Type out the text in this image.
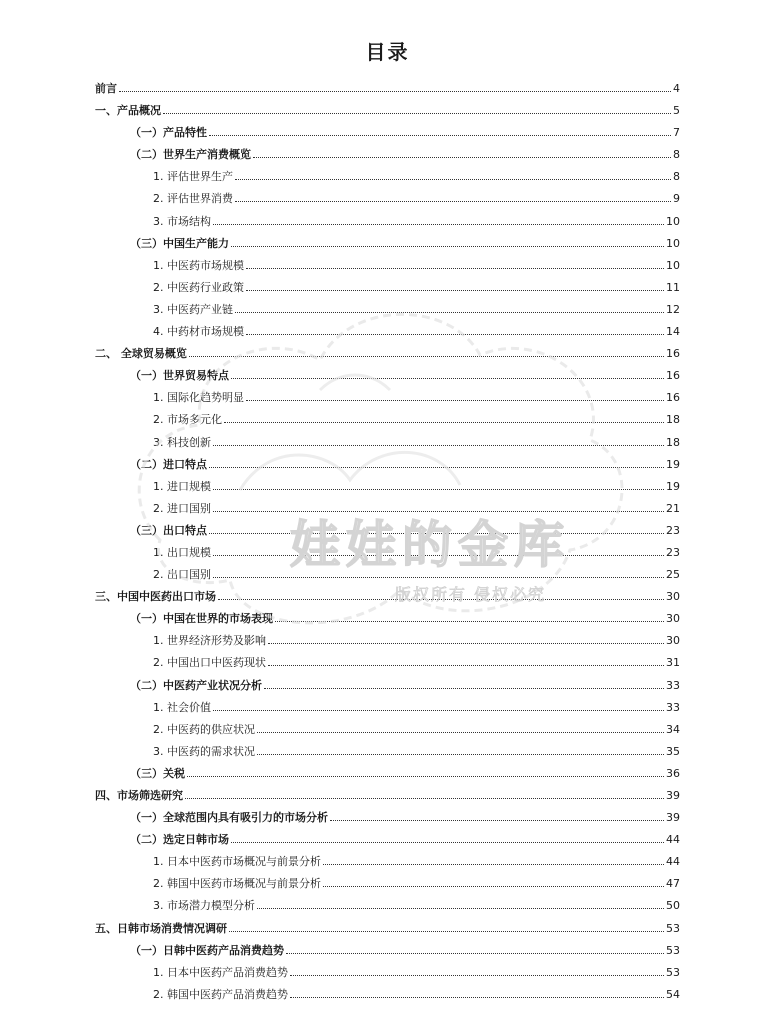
目录
前言	4
一、产品概况	5
（一）产品特性	7
（二）世界生产消费概览	8
1. 评估世界生产	8
2. 评估世界消费	9
3. 市场结构	10
（三）中国生产能力	10
1. 中医药市场规模	10
2. 中医药行业政策	11
3. 中医药产业链	12
4. 中药材市场规模	14
二、 全球贸易概览	16
（一）世界贸易特点	16
1. 国际化趋势明显	16
2. 市场多元化	18
3. 科技创新	18
（二）进口特点	19
1. 进口规模	19
2. 进口国别	21
（三）出口特点	23
1. 出口规模	23
2. 出口国别	25
三、中国中医药出口市场	30
（一）中国在世界的市场表现	30
1. 世界经济形势及影响	30
2. 中国出口中医药现状	31
（二）中医药产业状况分析	33
1. 社会价值	33
2. 中医药的供应状况	34
3. 中医药的需求状况	35
（三）关税	36
四、市场筛选研究	39
（一）全球范围内具有吸引力的市场分析	39
（二）选定日韩市场	44
1. 日本中医药市场概况与前景分析	44
2. 韩国中医药市场概况与前景分析	47
3. 市场潜力模型分析	50
五、日韩市场消费情况调研	53
（一）日韩中医药产品消费趋势	53
1. 日本中医药产品消费趋势	53
2. 韩国中医药产品消费趋势	54
娃娃的金库
版权所有 侵权必究
